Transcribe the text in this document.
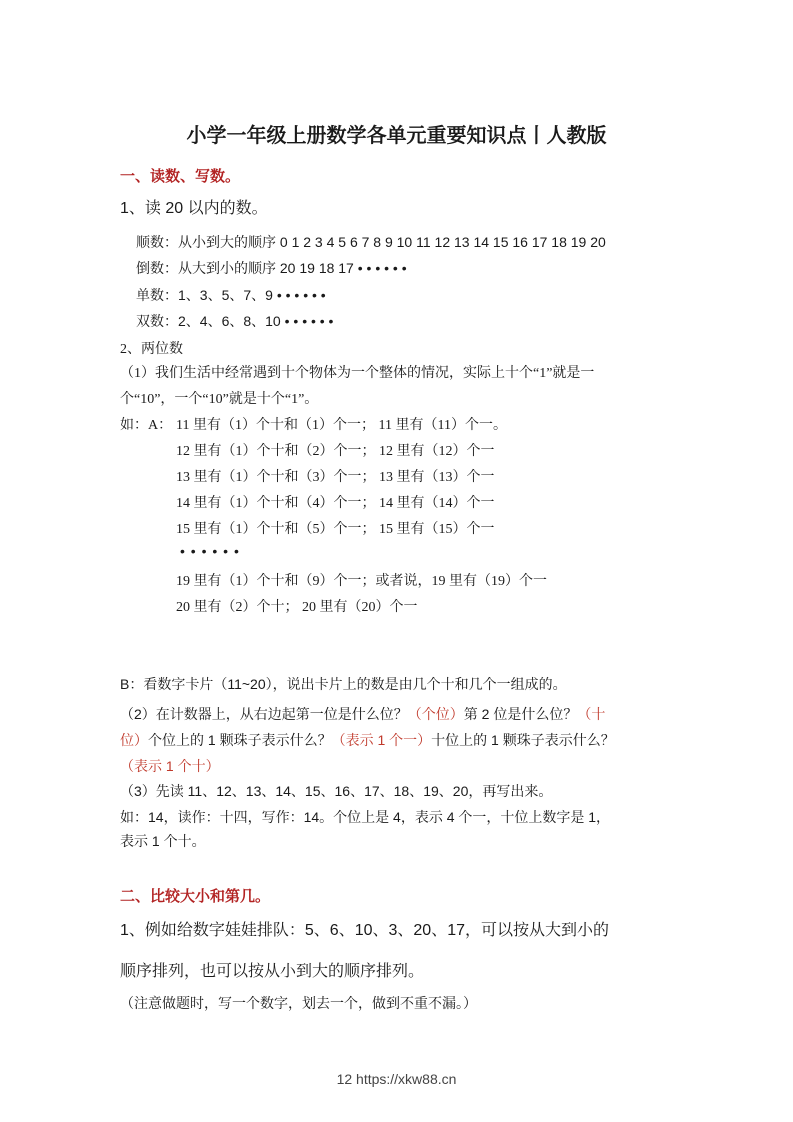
小学一年级上册数学各单元重要知识点丨人教版
一、读数、写数。
1、读 20 以内的数。
顺数：从小到大的顺序 0 1 2 3 4 5 6 7 8 9 10 11 12 13 14 15 16 17 18 19 20
倒数：从大到小的顺序 20 19 18 17 • • • • • •
单数：1、3、5、7、9 • • • • • •
双数：2、4、6、8、10 • • • • • •
2、两位数
（1）我们生活中经常遇到十个物体为一个整体的情况，实际上十个“1”就是一
个“10”，一个“10”就是十个“1”。
如：A： 11 里有（1）个十和（1）个一； 11 里有（11）个一。
12 里有（1）个十和（2）个一； 12 里有（12）个一
13 里有（1）个十和（3）个一； 13 里有（13）个一
14 里有（1）个十和（4）个一； 14 里有（14）个一
15 里有（1）个十和（5）个一； 15 里有（15）个一
• • • • • •
19 里有（1）个十和（9）个一；或者说，19 里有（19）个一
20 里有（2）个十； 20 里有（20）个一
B：看数字卡片（11~20），说出卡片上的数是由几个十和几个一组成的。
（2）在计数器上，从右边起第一位是什么位？（个位）第 2 位是什么位？（十
位）个位上的 1 颗珠子表示什么？（表示 1 个一）十位上的 1 颗珠子表示什么？
（表示 1 个十）
（3）先读 11、12、13、14、15、16、17、18、19、20，再写出来。
如：14，读作：十四，写作：14。个位上是 4，表示 4 个一，十位上数字是 1，
表示 1 个十。
二、比较大小和第几。
1、例如给数字娃娃排队：5、6、10、3、20、17，可以按从大到小的
顺序排列，也可以按从小到大的顺序排列。
（注意做题时，写一个数字，划去一个，做到不重不漏。）
12 https://xkw88.cn
